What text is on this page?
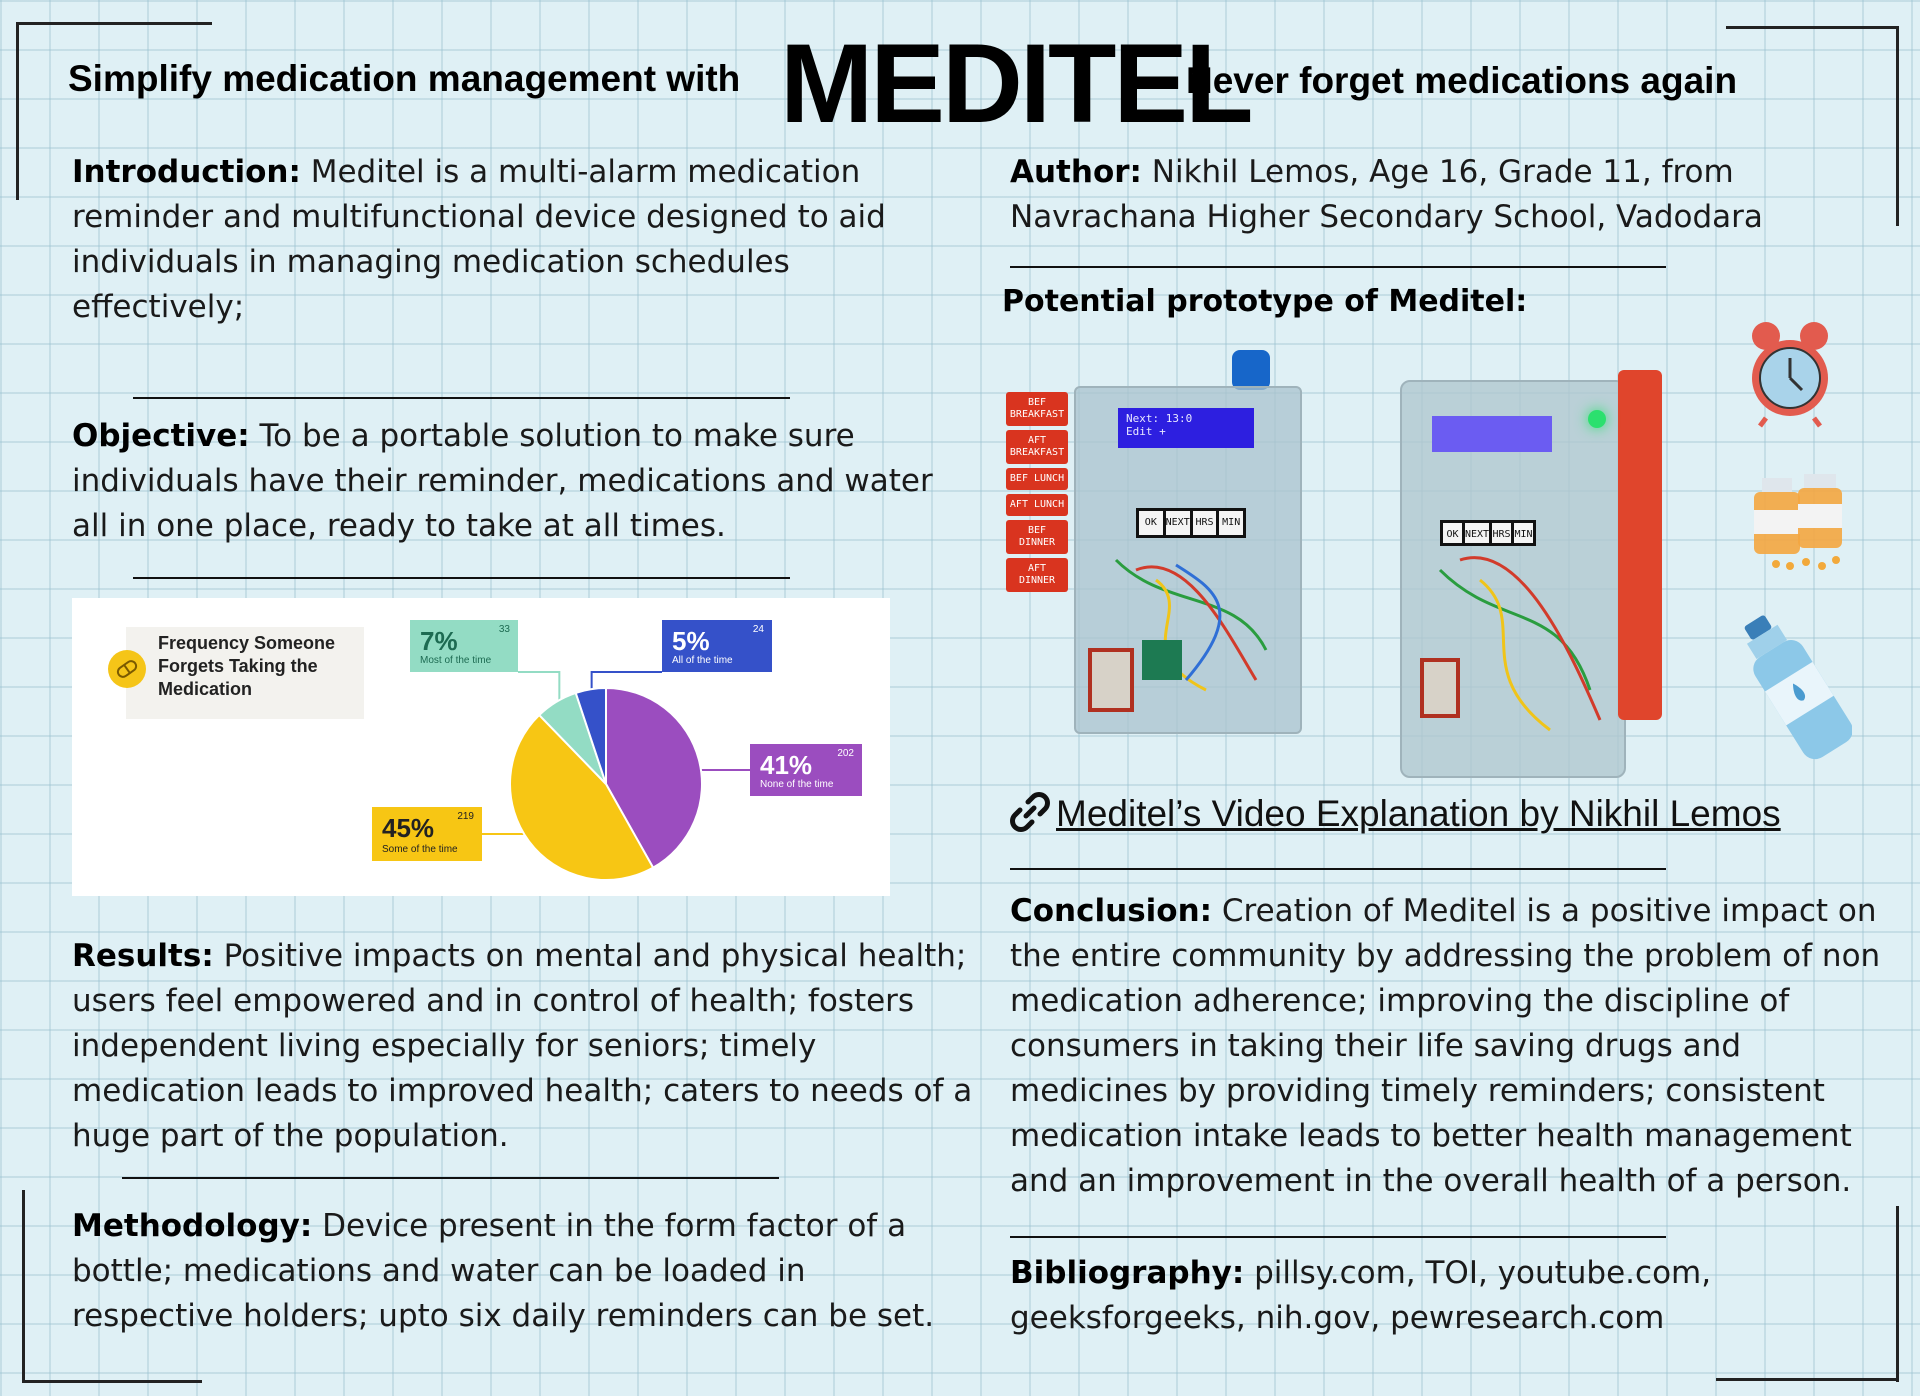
Simplify medication management with MEDITEL
Never forget medications again
Introduction: Meditel is a multi-alarm medication reminder and multifunctional device designed to aid individuals in managing medication schedules effectively;
Objective: To be a portable solution to make sure individuals have their reminder, medications and water all in one place, ready to take at all times.
Frequency Someone Forgets Taking the Medication
7%	33
Most of the time
5%	24
All of the time
41%	202
None of the time
45% 219
Some of the time
Results: Positive impacts on mental and physical health; users feel empowered and in control of health; fosters independent living especially for seniors; timely medication leads to improved health; caters to needs of a huge part of the population.
Methodology: Device present in the form factor of a bottle; medications and water can be loaded in respective holders; upto six daily reminders can be set.
Author: Nikhil Lemos, Age 16, Grade 11, from Navrachana Higher Secondary School, Vadodara
Potential prototype of Meditel:
BEF BREAKFAST
AFT BREAKFAST
BEF LUNCH
AFT LUNCH
BEF DINNER
AFT DINNER
Next: 13:0
Edit +
OK NEXT HRS MIN
OK NEXT HRS MIN
Meditel’s Video Explanation by Nikhil Lemos
Conclusion: Creation of Meditel is a positive impact on the entire community by addressing the problem of non medication adherence; improving the discipline of consumers in taking their life saving drugs and medicines by providing timely reminders; consistent medication intake leads to better health management and an improvement in the overall health of a person.
Bibliography: pillsy.com, TOI, youtube.com, geeksforgeeks, nih.gov, pewresearch.com
